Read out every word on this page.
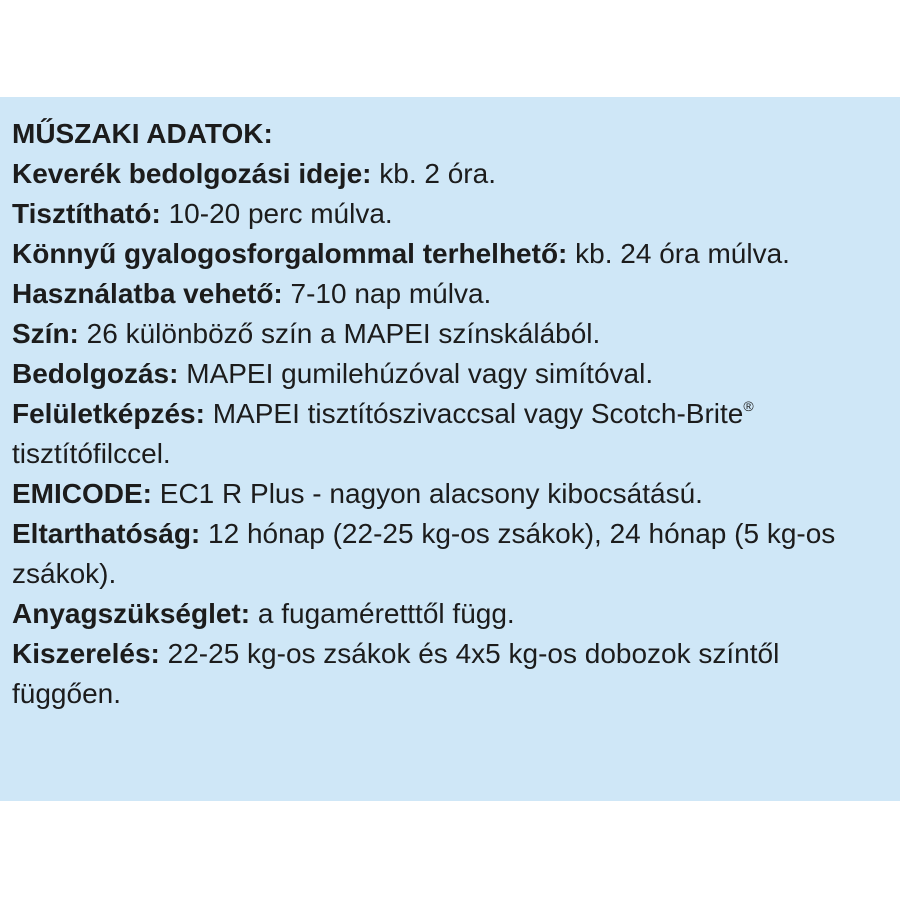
MŰSZAKI ADATOK:

Keverék bedolgozási ideje: kb. 2 óra.
Tisztítható: 10-20 perc múlva.
Könnyű gyalogosforgalommal terhelhető: kb. 24 óra múlva.
Használatba vehető: 7-10 nap múlva.
Szín: 26 különböző szín a MAPEI színskálából.
Bedolgozás: MAPEI gumilehúzóval vagy simítóval.
Felületképzés: MAPEI tisztítószivaccsal vagy Scotch-Brite® tisztítófilccel.
EMICODE: EC1 R Plus - nagyon alacsony kibocsátású.
Eltarthatóság: 12 hónap (22-25 kg-os zsákok), 24 hónap (5 kg-os zsákok).
Anyagszükséglet: a fugaméretttől függ.
Kiszerelés: 22-25 kg-os zsákok és 4x5 kg-os dobozok színtől függően.
